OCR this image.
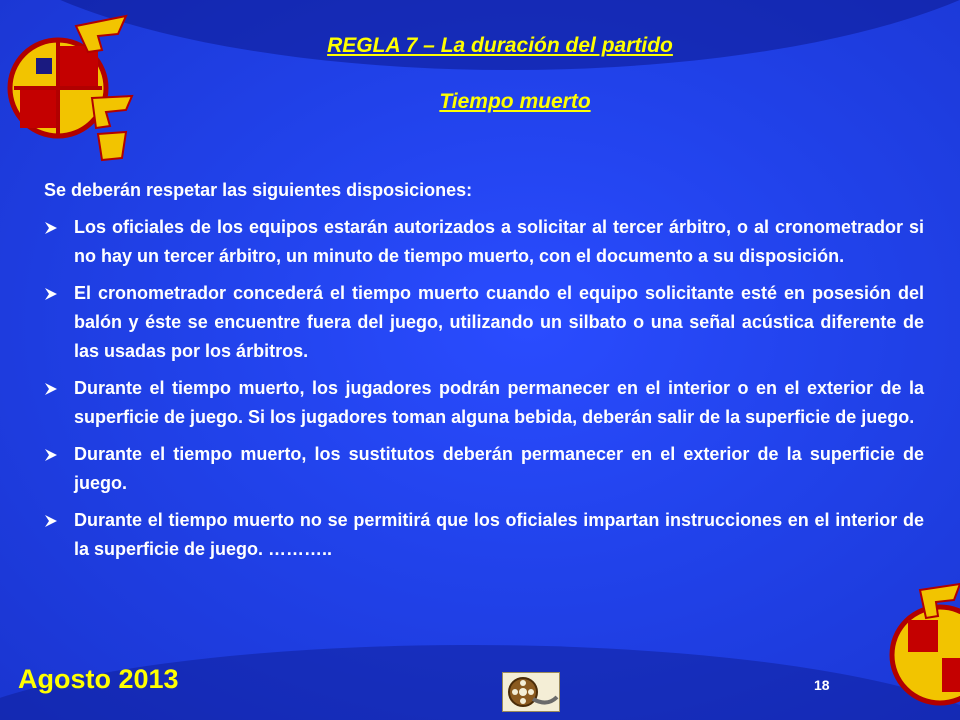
REGLA 7 – La duración del partido
Tiempo muerto
Se deberán respetar las siguientes disposiciones:
Los oficiales de los equipos estarán autorizados a solicitar al tercer árbitro, o al cronometrador si no hay un tercer árbitro, un minuto de tiempo muerto, con el documento a su disposición.
El cronometrador concederá el tiempo muerto cuando el equipo solicitante esté en posesión del balón y éste se encuentre fuera del juego, utilizando un silbato o una señal acústica diferente de las usadas por los árbitros.
Durante el tiempo muerto, los jugadores podrán permanecer en el interior o en el exterior de la superficie de juego. Si los jugadores toman alguna bebida, deberán salir de la superficie de juego.
Durante el tiempo muerto, los sustitutos deberán permanecer en el exterior de la superficie de juego.
Durante el tiempo muerto no se permitirá que los oficiales impartan instrucciones en el interior de la superficie de juego. ………..
Agosto 2013	18
